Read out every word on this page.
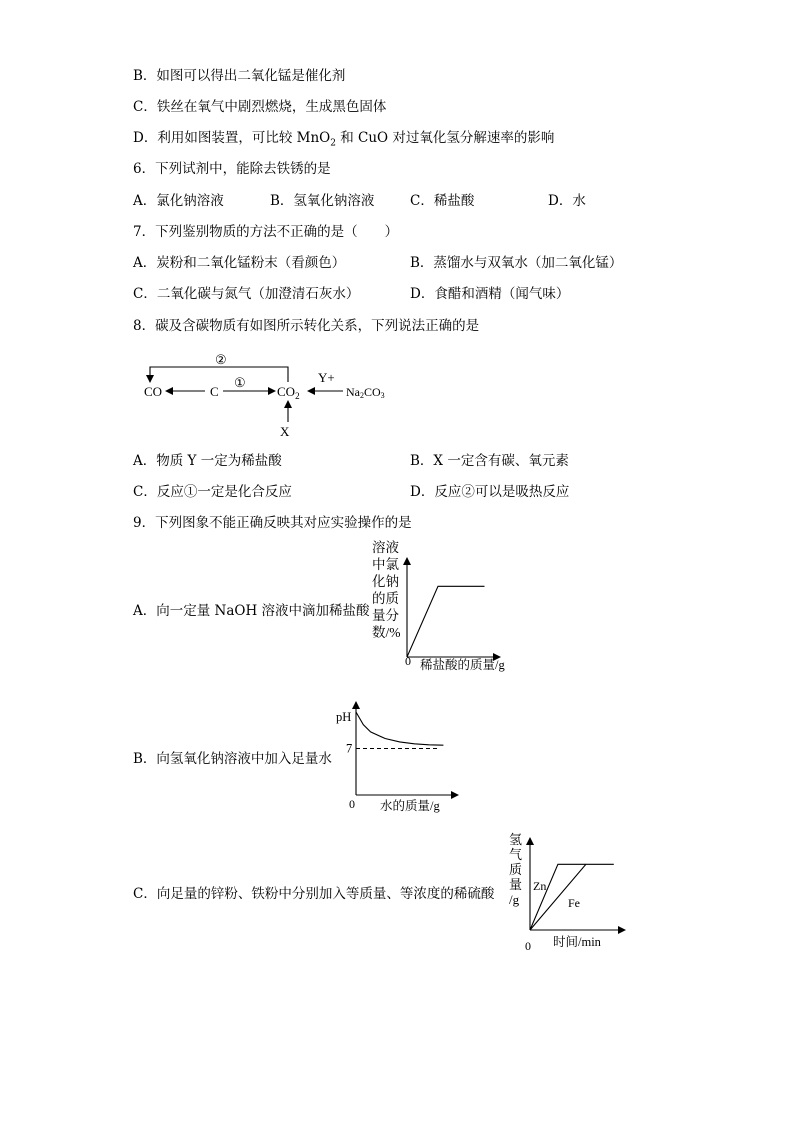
B．如图可以得出二氧化锰是催化剂
C．铁丝在氧气中剧烈燃烧，生成黑色固体
D．利用如图装置，可比较 MnO$_2$ 和 CuO 对过氧化氢分解速率的影响
6．下列试剂中，能除去铁锈的是
A．氯化钠溶液	B．氢氧化钠溶液	C．稀盐酸	D．水
7．下列鉴别物质的方法不正确的是（　　）
A．炭粉和二氧化锰粉末（看颜色）	B．蒸馏水与双氧水（加二氧化锰）
C．二氧化碳与氮气（加澄清石灰水）	D．食醋和酒精（闻气味）
8．碳及含碳物质有如图所示转化关系，下列说法正确的是
②
①
CO	C	$CO_2$
Y+
Na2CO3
X
A．物质 Y 一定为稀盐酸	B．X 一定含有碳、氧元素
C．反应①一定是化合反应	D．反应②可以是吸热反应
9．下列图象不能正确反映其对应实验操作的是
A．向一定量 NaOH 溶液中滴加稀盐酸
B．向氢氧化钠溶液中加入足量水
C．向足量的锌粉、铁粉中分别加入等质量、等浓度的稀硫酸
溶液
中氯
化钠
的质
量分
数/%
0 稀盐酸的质量/g
pH
7
0 水的质量/g
氢
气
质
量
/g
Zn
Fe
0 时间/min
